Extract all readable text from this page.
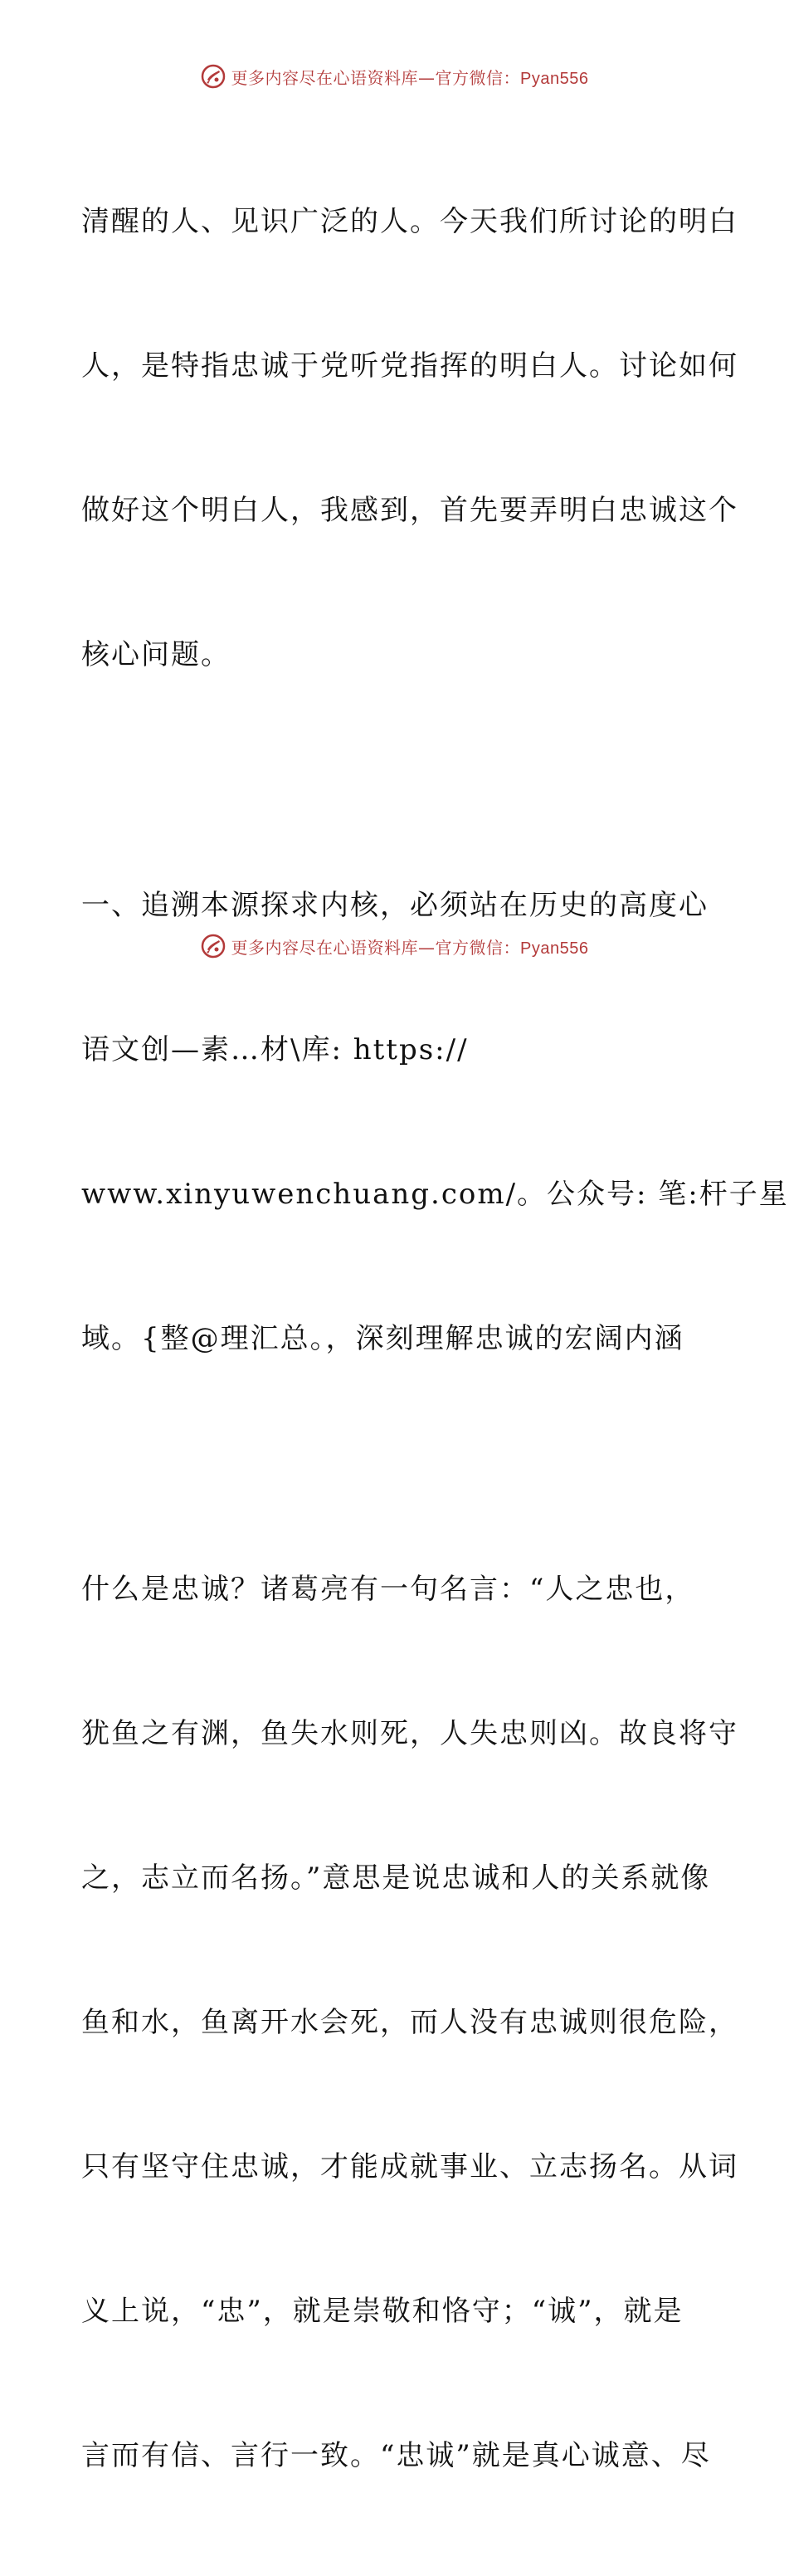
更多内容尽在心语资料库—官方微信：Pyan556

清醒的人、见识广泛的人。今天我们所讨论的明白

人，是特指忠诚于党听党指挥的明白人。讨论如何

做好这个明白人，我感到，首先要弄明白忠诚这个

核心问题。

一、追溯本源探求内核，必须站在历史的高度心

语文创—素…材\库: https://

www.xinyuwenchuang.com/。公众号: 笔:杆子星

域。{整@理汇总。，深刻理解忠诚的宏阔内涵

什么是忠诚？诸葛亮有一句名言：“人之忠也，

犹鱼之有渊，鱼失水则死，人失忠则凶。故良将守

之，志立而名扬。”意思是说忠诚和人的关系就像

鱼和水，鱼离开水会死，而人没有忠诚则很危险，

只有坚守住忠诚，才能成就事业、立志扬名。从词

义上说，“忠”，就是崇敬和恪守；“诚”，就是

言而有信、言行一致。“忠诚”就是真心诚意、尽

更多内容尽在心语资料库—官方微信：Pyan556
